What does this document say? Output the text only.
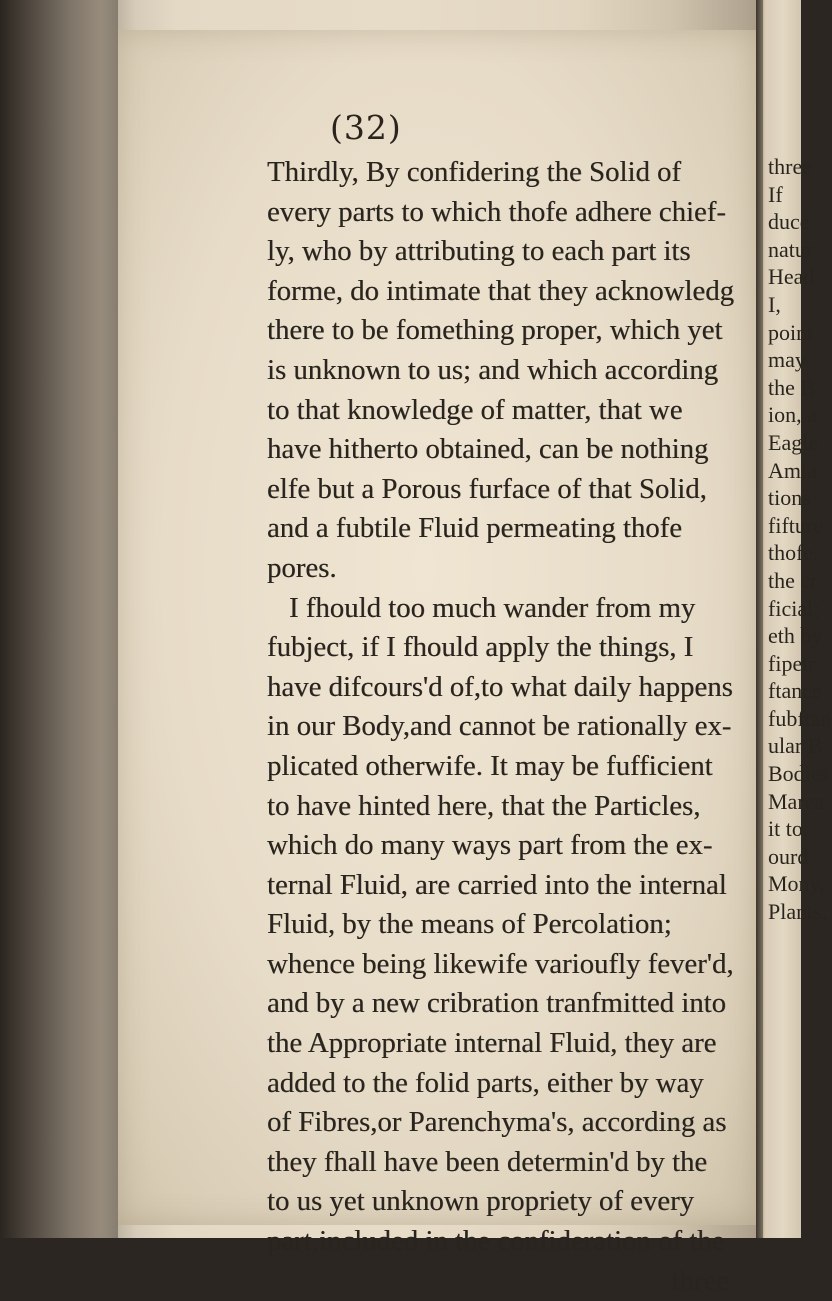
(32)
Thirdly, By confidering the Solid of
every parts to which thofe adhere chief-
ly, who by attributing to each part its
forme, do intimate that they acknowledg
there to be fomething proper, which yet
is unknown to us; and which according
to that knowledge of matter, that we
have hitherto obtained, can be nothing
elfe but a Porous furface of that Solid,
and a fubtile Fluid permeating thofe
pores.
I fhould too much wander from my
fubject, if I fhould apply the things, I
have difcours'd of,to what daily happens
in our Body,and cannot be rationally ex-
plicated otherwife. It may be fufficient
to have hinted here, that the Particles,
which do many ways part from the ex-
ternal Fluid, are carried into the internal
Fluid, by the means of Percolation;
whence being likewife varioufly fever'd,
and by a new cribration tranfmitted into
the Appropriate internal Fluid, they are
added to the folid parts, either by way
of Fibres,or Parenchyma's, according as
they fhall have been determin'd by the
to us yet unknown propriety of every
part,included in the confideration of the
three
three
If
duce
natur
Head
I,
point
may
the B
ion, a
Eagle
Amia
tions
fifture
thofe,
the cr
ficial;
eth by
fipetr
ftance
fubftan
ular B
Bodies
Marca
it to,
ourd
Mony,
Plants,
